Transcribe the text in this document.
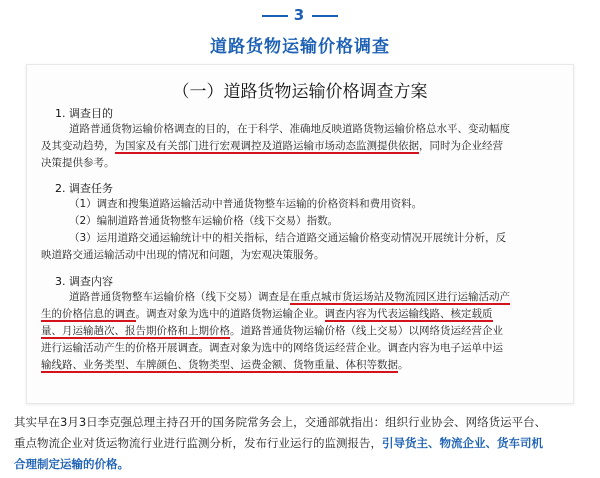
3
道路货物运输价格调查
（一）道路货物运输价格调查方案
1. 调查目的
道路普通货物运输价格调查的目的，在于科学、准确地反映道路货物运输价格总水平、变动幅度
及其变动趋势，为国家及有关部门进行宏观调控及道路运输市场动态监测提供依据，同时为企业经营
决策提供参考。
2. 调查任务
（1）调查和搜集道路运输活动中普通货物整车运输的价格资料和费用资料。
（2）编制道路普通货物整车运输价格（线下交易）指数。
（3）运用道路交通运输统计中的相关指标，结合道路交通运输价格变动情况开展统计分析，反
映道路交通运输活动中出现的情况和问题，为宏观决策服务。
3. 调查内容
道路普通货物整车运输价格（线下交易）调查是在重点城市货运场站及物流园区进行运输活动产
生的价格信息的调查。调查对象为选中的道路货物运输企业。调查内容为代表运输线路、核定载质
量、月运输趟次、报告期价格和上期价格。道路普通货物运输价格（线上交易）以网络货运经营企业
进行运输活动产生的价格开展调查。调查对象为选中的网络货运经营企业。调查内容为电子运单中运
输线路、业务类型、车牌颜色、货物类型、运费金额、货物重量、体积等数据。
其实早在3月3日李克强总理主持召开的国务院常务会上，交通部就指出：组织行业协会、网络货运平台、
重点物流企业对货运物流行业进行监测分析，发布行业运行的监测报告，引导货主、物流企业、货车司机
合理制定运输的价格。
